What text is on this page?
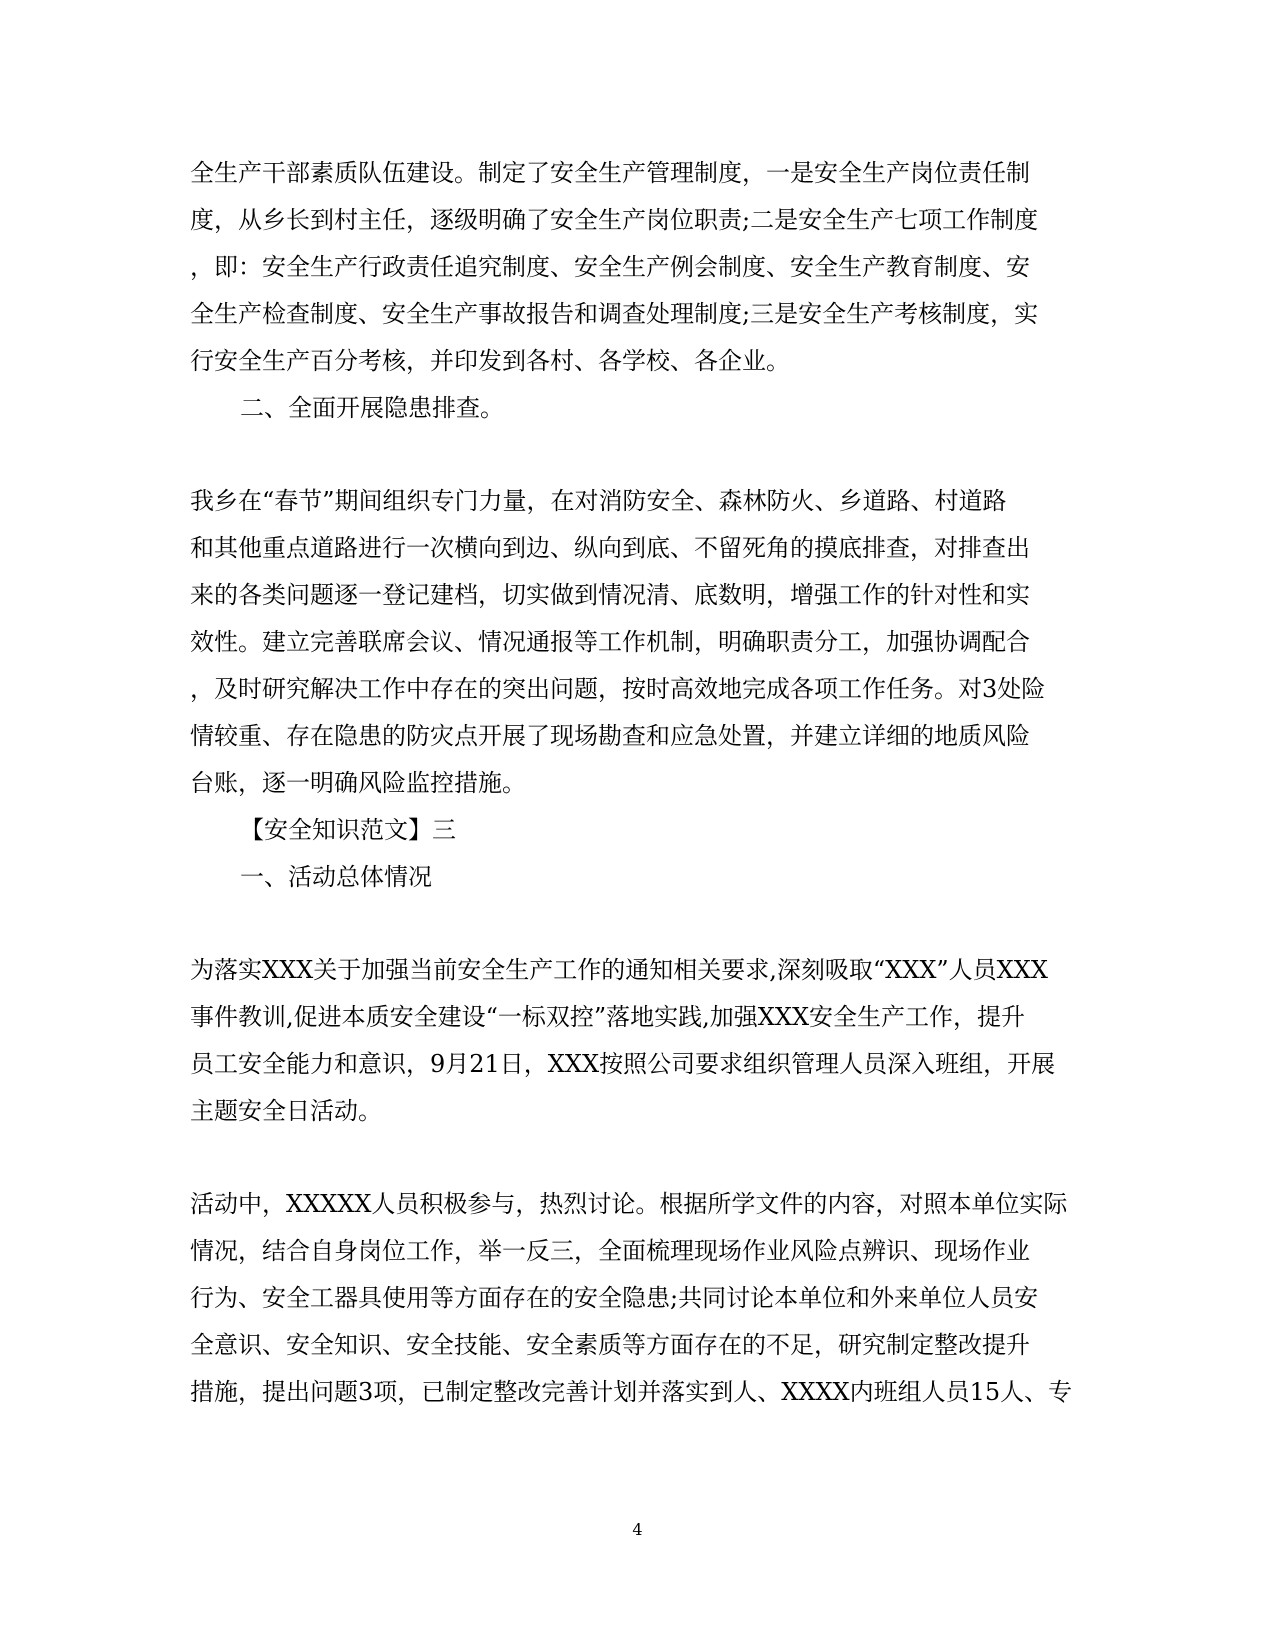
全生产干部素质队伍建设。制定了安全生产管理制度，一是安全生产岗位责任制
度，从乡长到村主任，逐级明确了安全生产岗位职责;二是安全生产七项工作制度
，即：安全生产行政责任追究制度、安全生产例会制度、安全生产教育制度、安
全生产检查制度、安全生产事故报告和调查处理制度;三是安全生产考核制度，实
行安全生产百分考核，并印发到各村、各学校、各企业。
二、全面开展隐患排查。
我乡在“春节”期间组织专门力量，在对消防安全、森林防火、乡道路、村道路
和其他重点道路进行一次横向到边、纵向到底、不留死角的摸底排查，对排查出
来的各类问题逐一登记建档，切实做到情况清、底数明，增强工作的针对性和实
效性。建立完善联席会议、情况通报等工作机制，明确职责分工，加强协调配合
，及时研究解决工作中存在的突出问题，按时高效地完成各项工作任务。对3处险
情较重、存在隐患的防灾点开展了现场勘查和应急处置，并建立详细的地质风险
台账，逐一明确风险监控措施。
【安全知识范文】三
一、活动总体情况
为落实XXX关于加强当前安全生产工作的通知相关要求,深刻吸取“XXX”人员XXX
事件教训,促进本质安全建设“一标双控”落地实践,加强XXX安全生产工作，提升
员工安全能力和意识，9月21日，XXX按照公司要求组织管理人员深入班组，开展
主题安全日活动。
活动中，XXXXX人员积极参与，热烈讨论。根据所学文件的内容，对照本单位实际
情况，结合自身岗位工作，举一反三，全面梳理现场作业风险点辨识、现场作业
行为、安全工器具使用等方面存在的安全隐患;共同讨论本单位和外来单位人员安
全意识、安全知识、安全技能、安全素质等方面存在的不足，研究制定整改提升
措施，提出问题3项，已制定整改完善计划并落实到人、XXXX内班组人员15人、专
4
